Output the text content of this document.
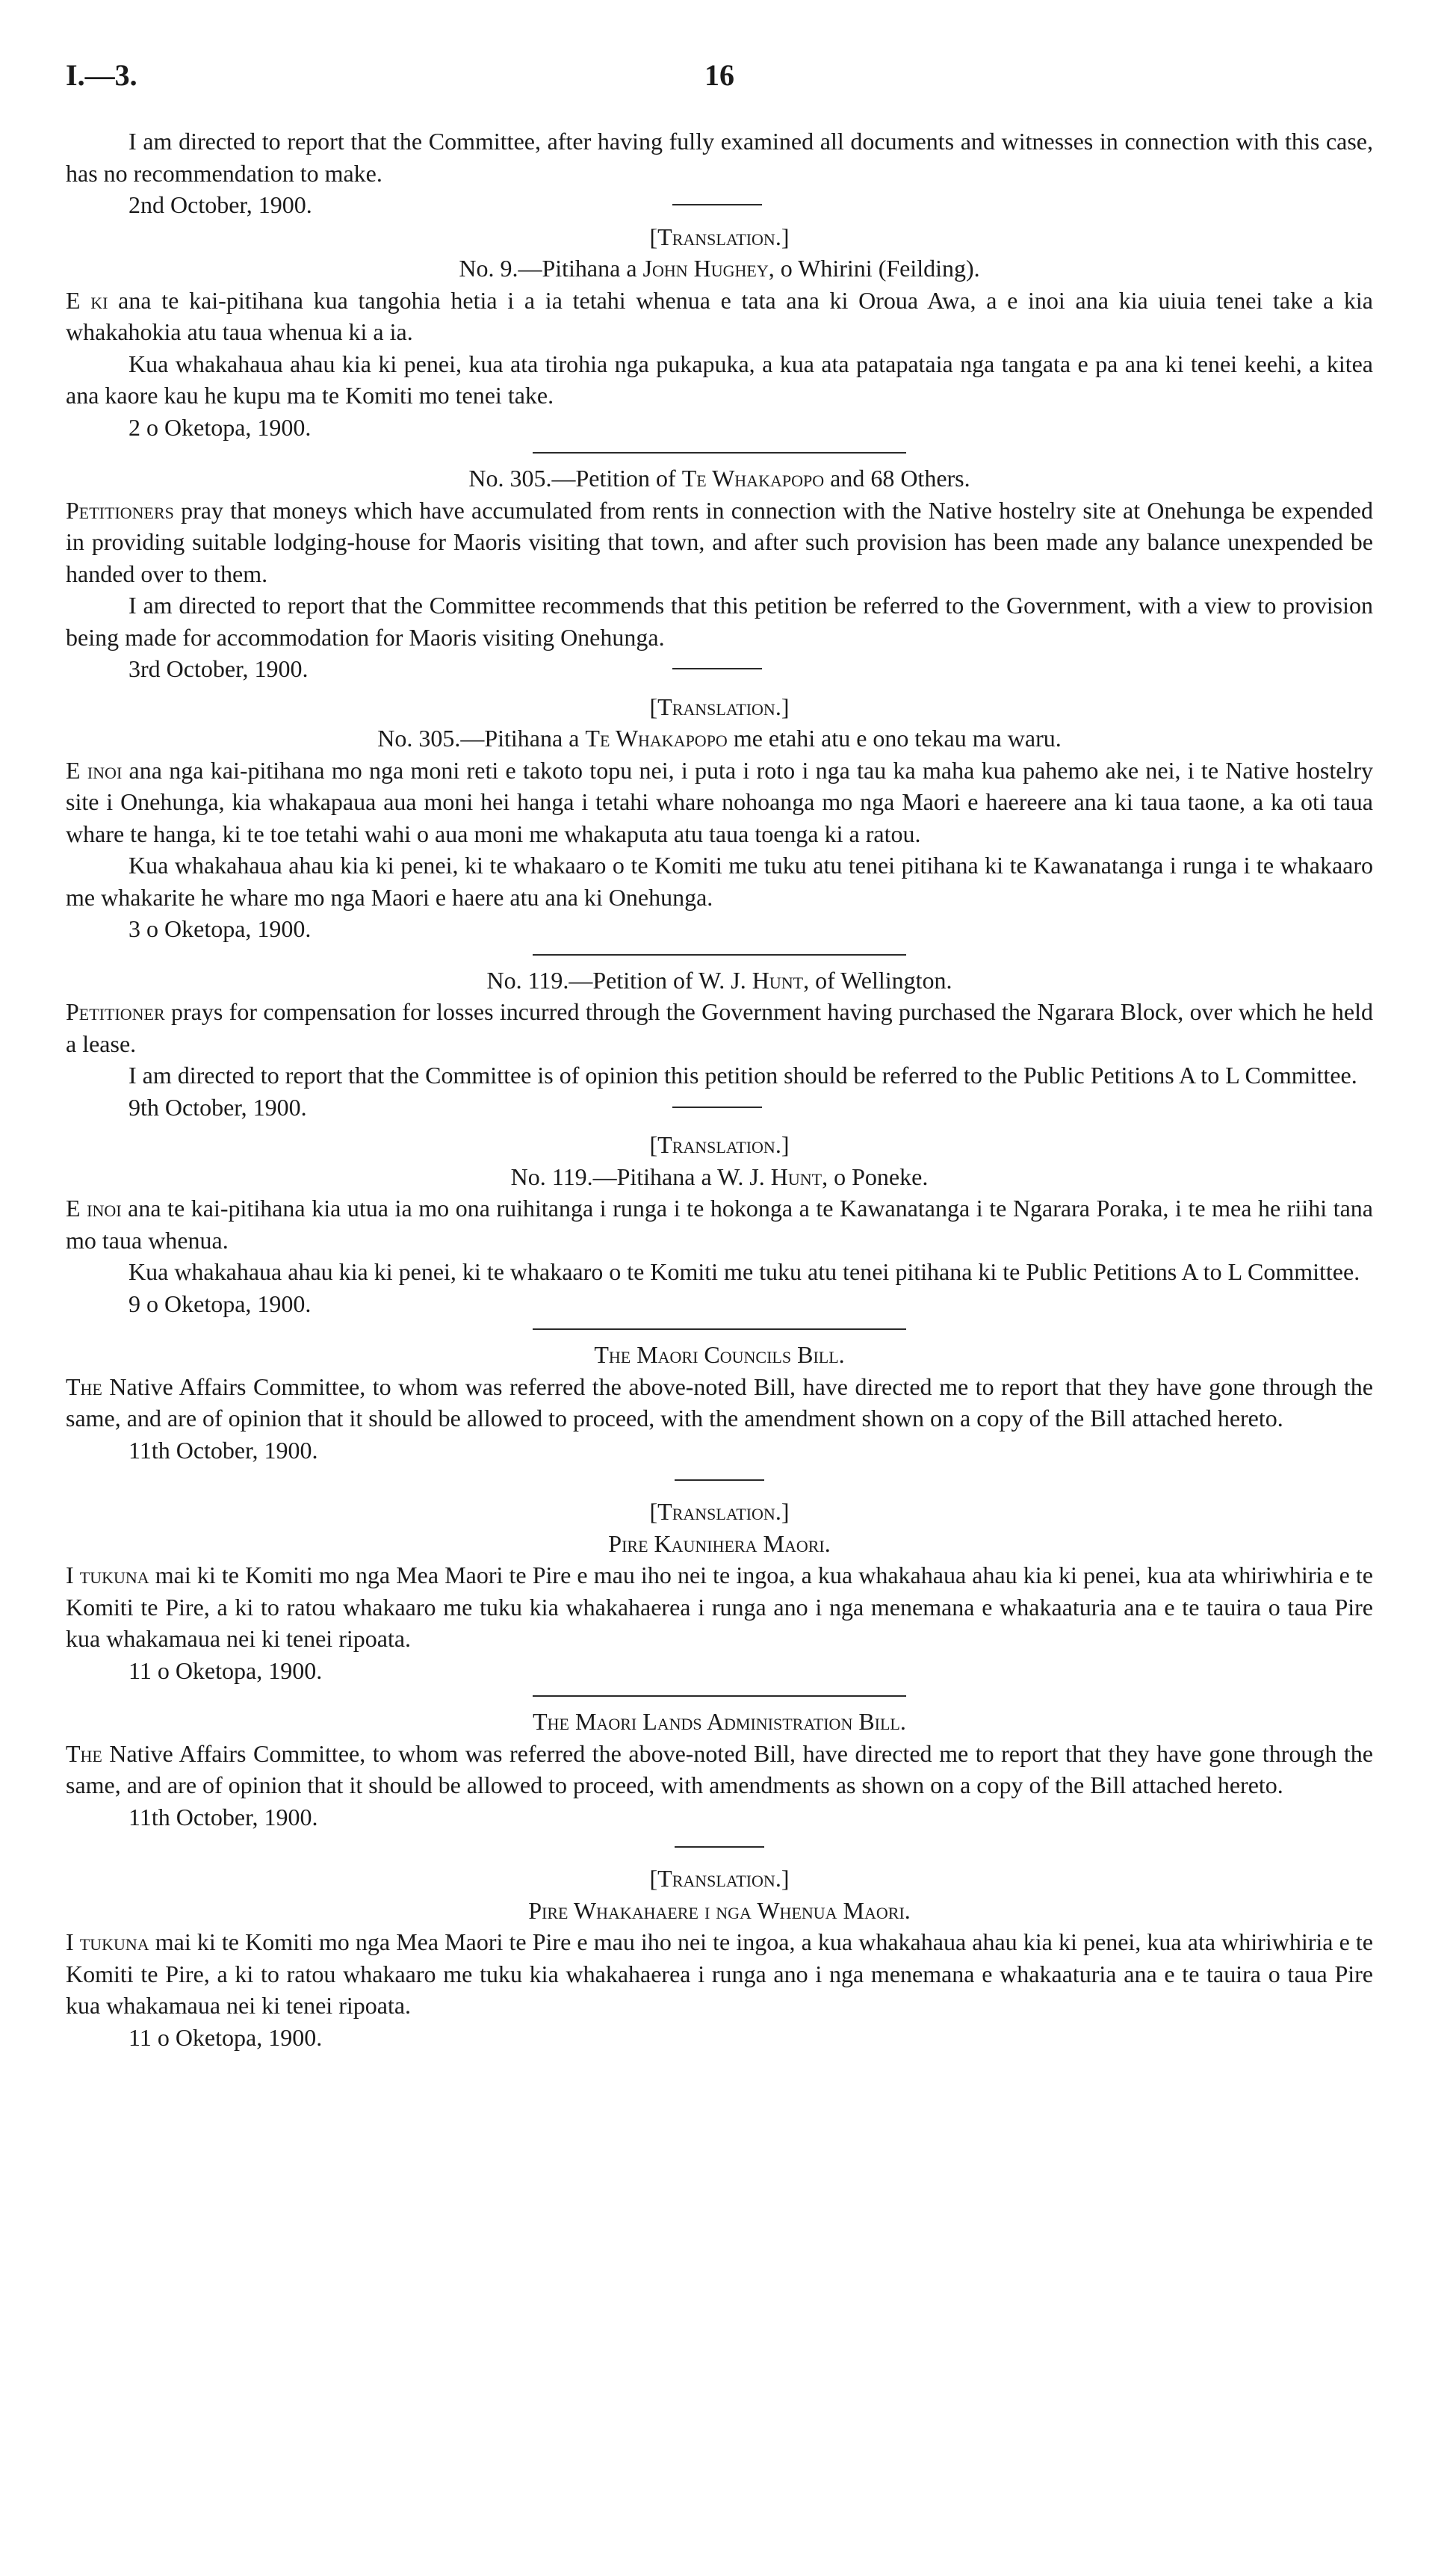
I.—3.	16

I am directed to report that the Committee, after having fully examined all documents and witnesses in connection with this case, has no recommendation to make.

2nd October, 1900.

[Translation.]

No. 9.—Pitihana a John Hughey, o Whirini (Feilding).

E ki ana te kai-pitihana kua tangohia hetia i a ia tetahi whenua e tata ana ki Oroua Awa, a e inoi ana kia uiuia tenei take a kia whakahokia atu taua whenua ki a ia.

Kua whakahaua ahau kia ki penei, kua ata tirohia nga pukapuka, a kua ata patapataia nga tangata e pa ana ki tenei keehi, a kitea ana kaore kau he kupu ma te Komiti mo tenei take.

2 o Oketopa, 1900.

No. 305.—Petition of Te Whakapopo and 68 Others.

Petitioners pray that moneys which have accumulated from rents in connection with the Native hostelry site at Onehunga be expended in providing suitable lodging-house for Maoris visiting that town, and after such provision has been made any balance unexpended be handed over to them.

I am directed to report that the Committee recommends that this petition be referred to the Government, with a view to provision being made for accommodation for Maoris visiting Onehunga.

3rd October, 1900.

[Translation.]

No. 305.—Pitihana a Te Whakapopo me etahi atu e ono tekau ma waru.

E inoi ana nga kai-pitihana mo nga moni reti e takoto topu nei, i puta i roto i nga tau ka maha kua pahemo ake nei, i te Native hostelry site i Onehunga, kia whakapaua aua moni hei hanga i tetahi whare nohoanga mo nga Maori e haereere ana ki taua taone, a ka oti taua whare te hanga, ki te toe tetahi wahi o aua moni me whakaputa atu taua toenga ki a ratou.

Kua whakahaua ahau kia ki penei, ki te whakaaro o te Komiti me tuku atu tenei pitihana ki te Kawanatanga i runga i te whakaaro me whakarite he whare mo nga Maori e haere atu ana ki Onehunga.

3 o Oketopa, 1900.

No. 119.—Petition of W. J. Hunt, of Wellington.

Petitioner prays for compensation for losses incurred through the Government having purchased the Ngarara Block, over which he held a lease.

I am directed to report that the Committee is of opinion this petition should be referred to the Public Petitions A to L Committee.

9th October, 1900.

[Translation.]

No. 119.—Pitihana a W. J. Hunt, o Poneke.

E inoi ana te kai-pitihana kia utua ia mo ona ruihitanga i runga i te hokonga a te Kawanatanga i te Ngarara Poraka, i te mea he riihi tana mo taua whenua.

Kua whakahaua ahau kia ki penei, ki te whakaaro o te Komiti me tuku atu tenei pitihana ki te Public Petitions A to L Committee.

9 o Oketopa, 1900.

The Maori Councils Bill.

The Native Affairs Committee, to whom was referred the above-noted Bill, have directed me to report that they have gone through the same, and are of opinion that it should be allowed to proceed, with the amendment shown on a copy of the Bill attached hereto.

11th October, 1900.

[Translation.]

Pire Kaunihera Maori.

I tukuna mai ki te Komiti mo nga Mea Maori te Pire e mau iho nei te ingoa, a kua whakahaua ahau kia ki penei, kua ata whiriwhiria e te Komiti te Pire, a ki to ratou whakaaro me tuku kia whakahaerea i runga ano i nga menemana e whakaaturia ana e te tauira o taua Pire kua whakamaua nei ki tenei ripoata.

11 o Oketopa, 1900.

The Maori Lands Administration Bill.

The Native Affairs Committee, to whom was referred the above-noted Bill, have directed me to report that they have gone through the same, and are of opinion that it should be allowed to proceed, with amendments as shown on a copy of the Bill attached hereto.

11th October, 1900.

[Translation.]

Pire Whakahaere i nga Whenua Maori.

I tukuna mai ki te Komiti mo nga Mea Maori te Pire e mau iho nei te ingoa, a kua whakahaua ahau kia ki penei, kua ata whiriwhiria e te Komiti te Pire, a ki to ratou whakaaro me tuku kia whakahaerea i runga ano i nga menemana e whakaaturia ana e te tauira o taua Pire kua whakamaua nei ki tenei ripoata.

11 o Oketopa, 1900.
